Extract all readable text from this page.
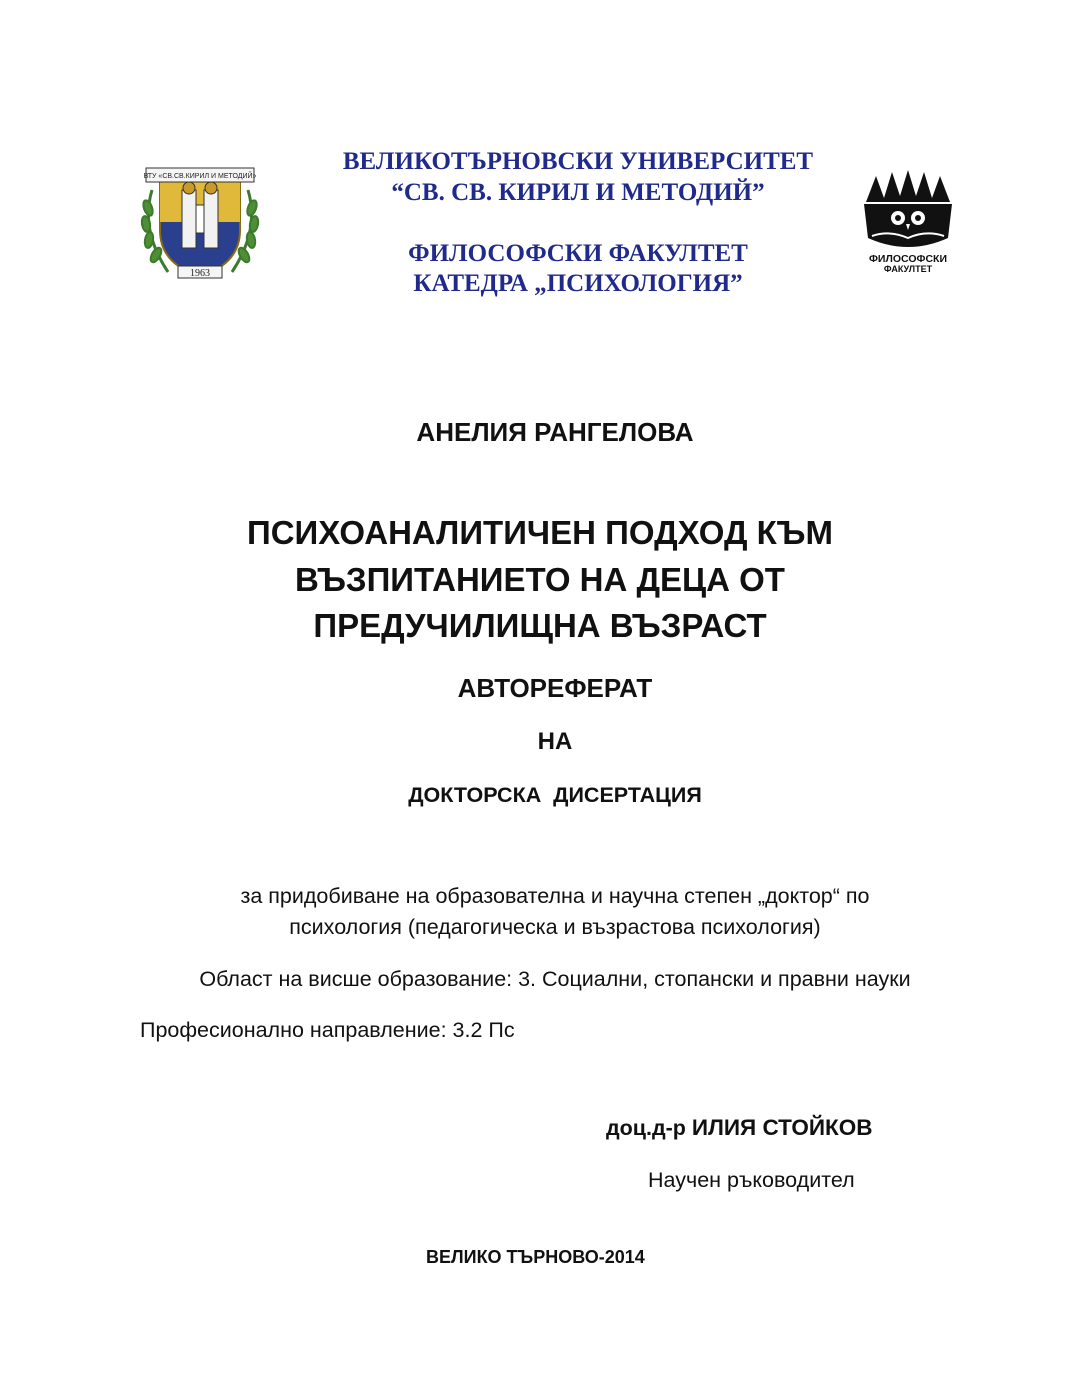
ВТУ «СВ.СВ.КИРИЛ И МЕТОДИЙ»
1963
ВЕЛИКОТЪРНОВСКИ УНИВЕРСИТЕТ
“СВ. СВ. КИРИЛ И МЕТОДИЙ”
ФИЛОСОФСКИ ФАКУЛТЕТ
КАТЕДРА „ПСИХОЛОГИЯ”
ФИЛОСОФСКИ
ФАКУЛТЕТ
АНЕЛИЯ РАНГЕЛОВА
ПСИХОАНАЛИТИЧЕН ПОДХОД КЪМ
ВЪЗПИТАНИЕТО НА ДЕЦА ОТ
ПРЕДУЧИЛИЩНА ВЪЗРАСТ
АВТОРЕФЕРАТ
НА
ДОКТОРСКА  ДИСЕРТАЦИЯ
за придобиване на образователна и научна степен „доктор“ по
психология (педагогическа и възрастова психология)
Област на висше образование: 3. Социални, стопански и правни науки
Професионално направление: 3.2 Пс
доц.д-р ИЛИЯ СТОЙКОВ
Научен ръководител
ВЕЛИКО ТЪРНОВО-2014
